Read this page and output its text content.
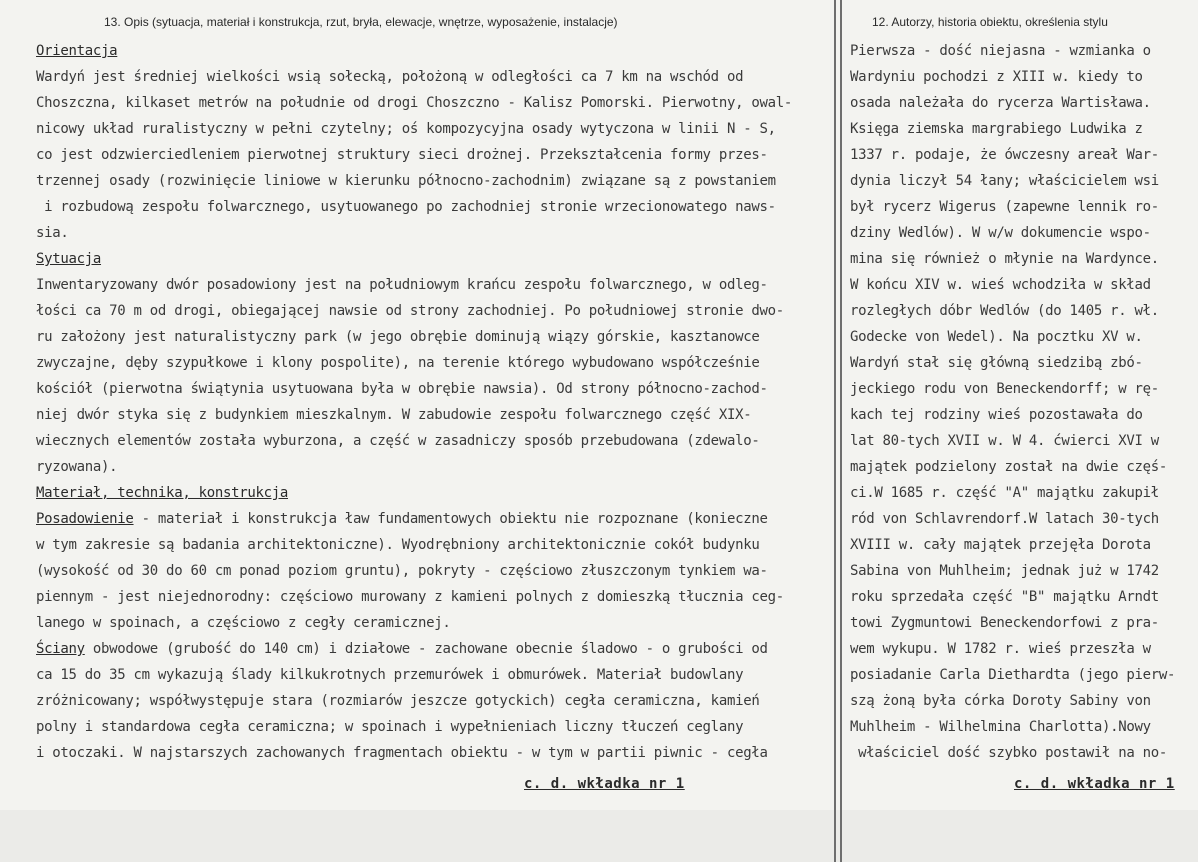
13. Opis (sytuacja, materiał i konstrukcja, rzut, bryła, elewacje, wnętrze, wyposażenie, instalacje)
Orientacja
Wardyń jest średniej wielkości wsią sołecką, położoną w odległości ca 7 km na wschód od
Choszczna, kilkaset metrów na południe od drogi Choszczno - Kalisz Pomorski. Pierwotny, owal-
nicowy układ ruralistyczny w pełni czytelny; oś kompozycyjna osady wytyczona w linii N - S,
co jest odzwierciedleniem pierwotnej struktury sieci drożnej. Przekształcenia formy przes-
trzennej osady (rozwinięcie liniowe w kierunku północno-zachodnim) związane są z powstaniem
i rozbudową zespołu folwarcznego, usytuowanego po zachodniej stronie wrzecionowatego naws-
sia.
Sytuacja
Inwentaryzowany dwór posadowiony jest na południowym krańcu zespołu folwarcznego, w odleg-
łości ca 70 m od drogi, obiegającej nawsie od strony zachodniej. Po południowej stronie dwo-
ru założony jest naturalistyczny park (w jego obrębie dominują wiązy górskie, kasztanowce
zwyczajne, dęby szypułkowe i klony pospolite), na terenie którego wybudowano współcześnie
kościół (pierwotna świątynia usytuowana była w obrębie nawsia). Od strony północno-zachod-
niej dwór styka się z budynkiem mieszkalnym. W zabudowie zespołu folwarcznego część XIX-
wiecznych elementów została wyburzona, a część w zasadniczy sposób przebudowana (zdewalo-
ryzowana).
Materiał, technika, konstrukcja
Posadowienie - materiał i konstrukcja ław fundamentowych obiektu nie rozpoznane (konieczne
w tym zakresie są badania architektoniczne). Wyodrębniony architektonicznie cokół budynku
(wysokość od 30 do 60 cm ponad poziom gruntu), pokryty - częściowo złuszczonym tynkiem wa-
piennym - jest niejednorodny: częściowo murowany z kamieni polnych z domieszką tłucznia ceg-
lanego w spoinach, a częściowo z cegły ceramicznej.
Ściany obwodowe (grubość do 140 cm) i działowe - zachowane obecnie śladowo - o grubości od
ca 15 do 35 cm wykazują ślady kilkukrotnych przemurówek i obmurówek. Materiał budowlany
zróżnicowany; współwystępuje stara (rozmiarów jeszcze gotyckich) cegła ceramiczna, kamień
polny i standardowa cegła ceramiczna; w spoinach i wypełnieniach liczny tłuczeń ceglany
i otoczaki. W najstarszych zachowanych fragmentach obiektu - w tym w partii piwnic - cegła
c. d. wkładka nr 1
12. Autorzy, historia obiektu, określenia stylu
Pierwsza - dość niejasna - wzmianka o
Wardyniu pochodzi z XIII w. kiedy to
osada należała do rycerza Wartisława.
Księga ziemska margrabiego Ludwika z
1337 r. podaje, że ówczesny areał War-
dynia liczył 54 łany; właścicielem wsi
był rycerz Wigerus (zapewne lennik ro-
dziny Wedlów). W w/w dokumencie wspo-
mina się również o młynie na Wardynce.
W końcu XIV w. wieś wchodziła w skład
rozległych dóbr Wedlów (do 1405 r. wł.
Godecke von Wedel). Na pocztku XV w.
Wardyń stał się główną siedzibą zbó-
jeckiego rodu von Beneckendorff; w rę-
kach tej rodziny wieś pozostawała do
lat 80-tych XVII w. W 4. ćwierci XVI w
majątek podzielony został na dwie częś-
ci.W 1685 r. część "A" majątku zakupił
ród von Schlavrendorf.W latach 30-tych
XVIII w. cały majątek przejęła Dorota
Sabina von Muhlheim; jednak już w 1742
roku sprzedała część "B" majątku Arndt
towi Zygmuntowi Beneckendorfowi z pra-
wem wykupu. W 1782 r. wieś przeszła w
posiadanie Carla Diethardta (jego pierw-
szą żoną była córka Doroty Sabiny von
Muhlheim - Wilhelmina Charlotta).Nowy
właściciel dość szybko postawił na no-
c. d. wkładka nr 1
